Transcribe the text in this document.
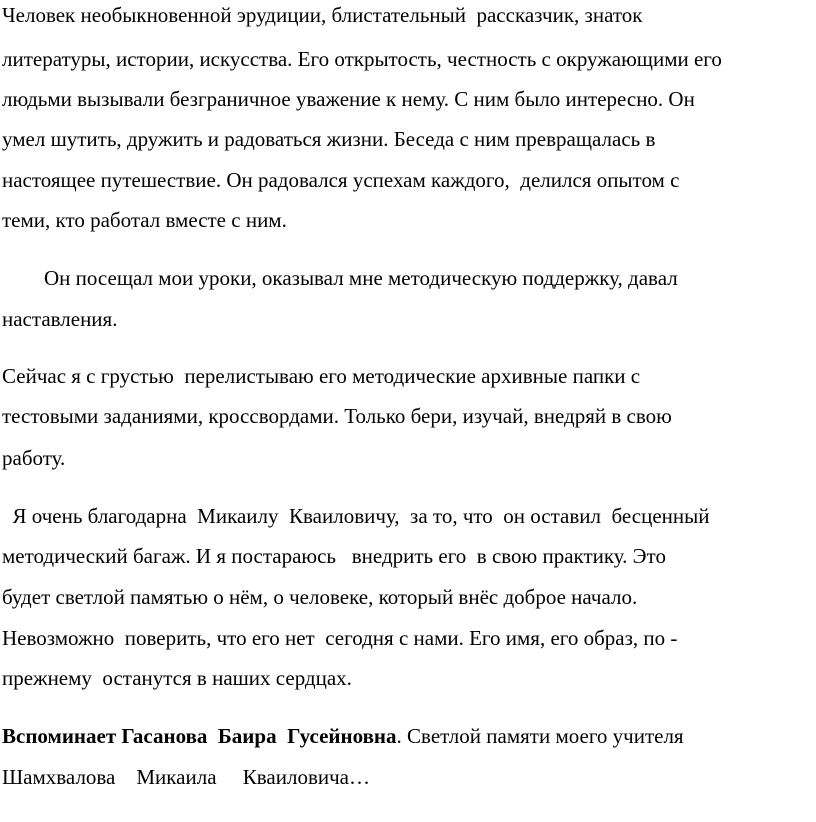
Человек необыкновенной эрудиции, блистательный  рассказчик, знаток
литературы, истории, искусства. Его открытость, честность с окружающими его
людьми вызывали безграничное уважение к нему. С ним было интересно. Он
умел шутить, дружить и радоваться жизни. Беседа с ним превращалась в
настоящее путешествие. Он радовался успехам каждого,  делился опытом с
теми, кто работал вместе с ним.
Он посещал мои уроки, оказывал мне методическую поддержку, давал
наставления.
Сейчас я с грустью  перелистываю его методические архивные папки с
тестовыми заданиями, кроссвордами. Только бери, изучай, внедряй в свою
работу.
Я очень благодарна  Микаилу  Кваиловичу,  за то, что  он оставил  бесценный
методический багаж. И я постараюсь   внедрить его  в свою практику. Это
будет светлой памятью о нём, о человеке, который внёс доброе начало.
Невозможно  поверить, что его нет  сегодня с нами. Его имя, его образ, по -
прежнему  останутся в наших сердцах.
Вспоминает Гасанова  Баира  Гусейновна. Светлой памяти моего учителя
Шамхвалова    Микаила     Кваиловича…
